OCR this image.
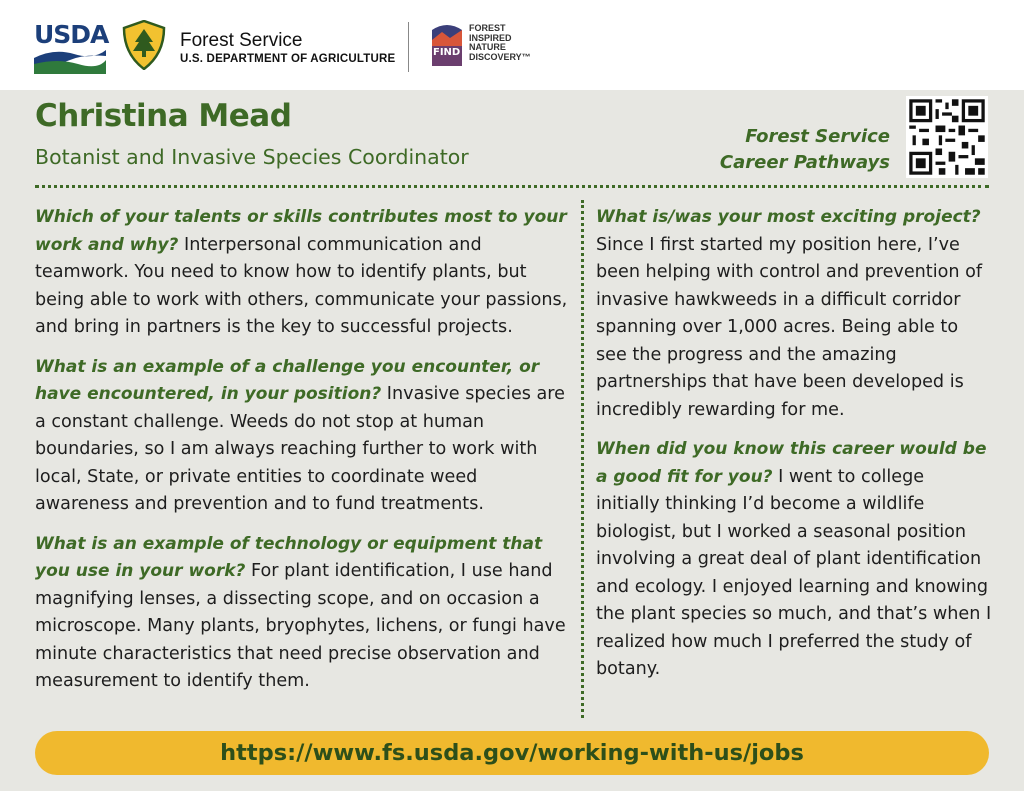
USDA	Forest Service
U.S. DEPARTMENT OF AGRICULTURE
FIND
FOREST
INSPIRED
NATURE
DISCOVERY™
Christina Mead
Botanist and Invasive Species Coordinator
Forest Service
Career Pathways

Which of your talents or skills contributes most to your work and why? Interpersonal communication and teamwork. You need to know how to identify plants, but being able to work with others, communicate your passions, and bring in partners is the key to successful projects.

What is an example of a challenge you encounter, or have encountered, in your position? Invasive species are a constant challenge. Weeds do not stop at human boundaries, so I am always reaching further to work with local, State, or private entities to coordinate weed awareness and prevention and to fund treatments.

What is an example of technology or equipment that you use in your work? For plant identification, I use hand magnifying lenses, a dissecting scope, and on occasion a microscope. Many plants, bryophytes, lichens, or fungi have minute characteristics that need precise observation and measurement to identify them.

What is/was your most exciting project? Since I first started my position here, I’ve been helping with control and prevention of invasive hawkweeds in a difficult corridor spanning over 1,000 acres. Being able to see the progress and the amazing partnerships that have been developed is incredibly rewarding for me.

When did you know this career would be a good fit for you? I went to college initially thinking I’d become a wildlife biologist, but I worked a seasonal position involving a great deal of plant identification and ecology. I enjoyed learning and knowing the plant species so much, and that’s when I realized how much I preferred the study of botany.

https://www.fs.usda.gov/working-with-us/jobs
